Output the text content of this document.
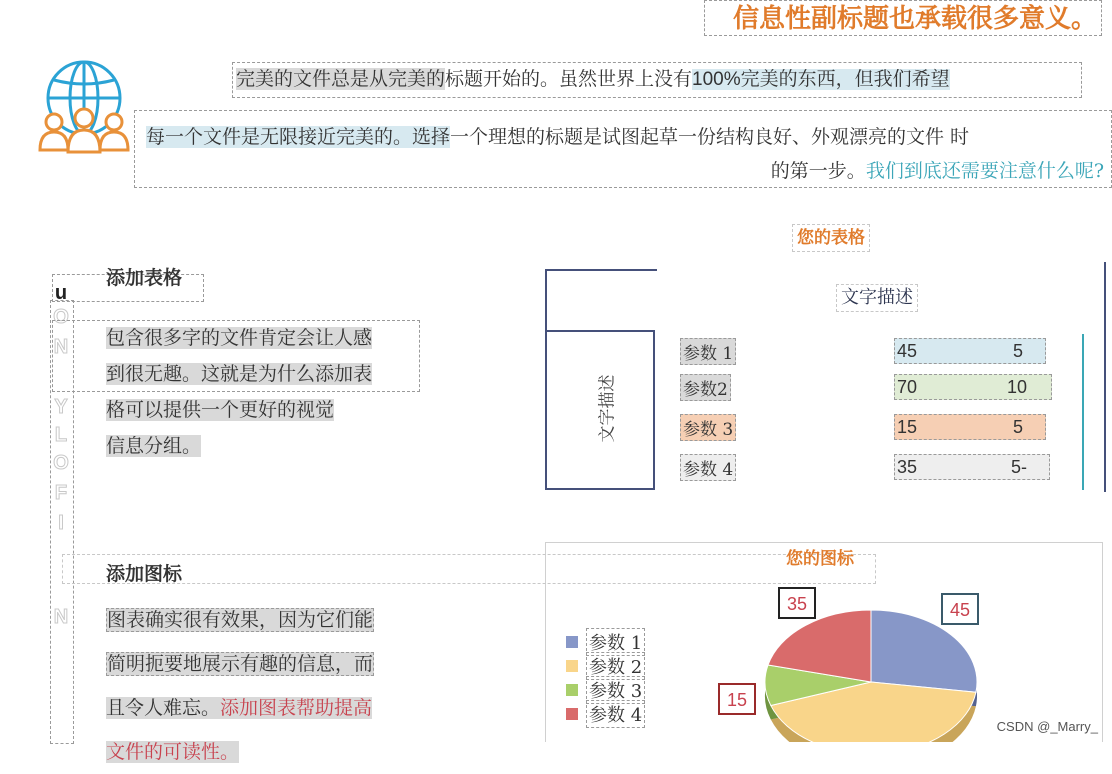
信息性副标题也承载很多意义。
完美的文件总是从完美的标题开始的。虽然世界上没有100%完美的东西，但我们希望
每一个文件是无限接近完美的。选择一个理想的标题是试图起草一份结构良好、外观漂亮的文件 时
的第一步。我们到底还需要注意什么呢?
u
O
N
Y
L
O
F
I
N
添加表格
包含很多字的文件肯定会让人感
到很无趣。这就是为什么添加表
格可以提供一个更好的视觉
信息分组。
您的表格
文字描述
文字描述
参数 1	45	5
参数2	70	10
参数 3	15	5
参数 4	35	5-
添加图标
图表确实很有效果，因为它们能
简明扼要地展示有趣的信息，而
且令人难忘。添加图表帮助提高
文件的可读性。
您的图标
45
15
35
参数 1
参数 2
参数 3
参数 4
CSDN @_Marry_
